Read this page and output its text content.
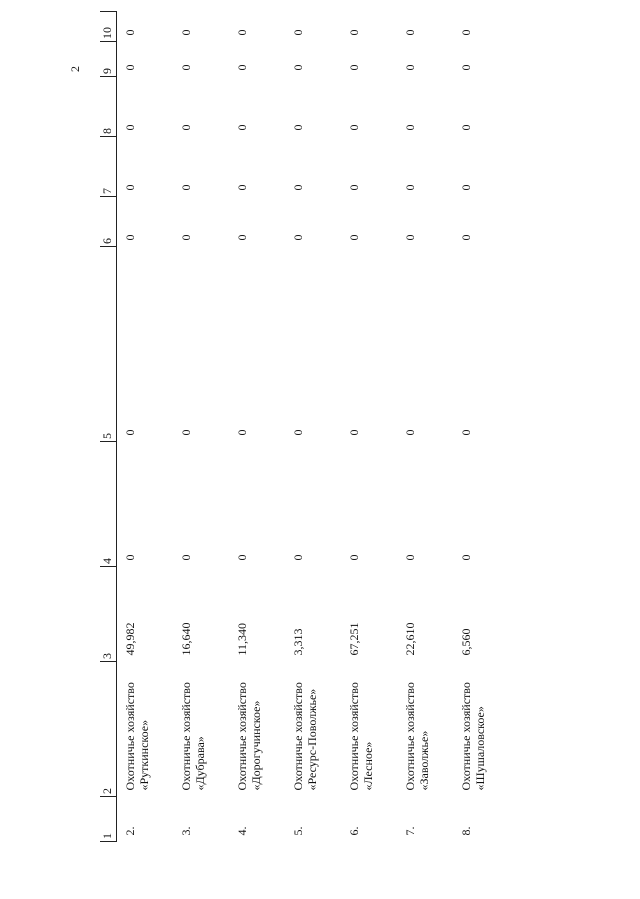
2
1	2	3	4	5	6	7	8	9	10
2.	Охотничье хозяйство «Руткинское»	49,982	0	0	0	0	0	0	0
3.	Охотничье хозяйство «Дубрава»	16,640	0	0	0	0	0	0	0
4.	Охотничье хозяйство «Дорогучинское»	11,340	0	0	0	0	0	0	0
5.	Охотничье хозяйство «Ресурс-Поволжье»	3,313	0	0	0	0	0	0	0
6.	Охотничье хозяйство «Лесное»	67,251	0	0	0	0	0	0	0
7.	Охотничье хозяйство «Заволжье»	22,610	0	0	0	0	0	0	0
8.	Охотничье хозяйство «Шушаловское»	6,560	0	0	0	0	0	0	0
